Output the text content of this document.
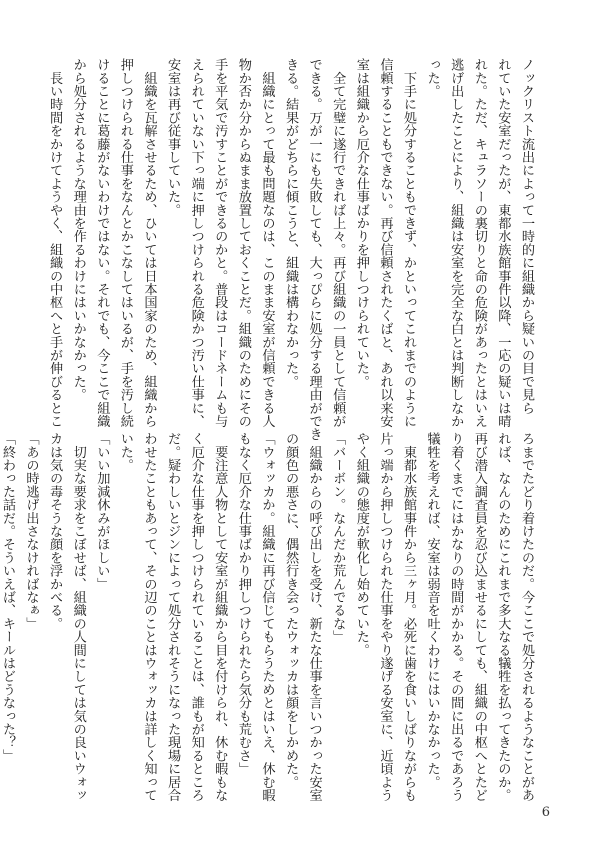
ノックリスト流出によって一時的に組織から疑いの目で見ら
れていた安室だったが、東都水族館事件以降、一応の疑いは晴
れた。ただ、キュラソーの裏切りと命の危険があったとはいえ
逃げ出したことにより、組織は安室を完全な白とは判断しなか
った。
　下手に処分することもできず、かといってこれまでのように
信頼することもできない。再び信頼されたくばと、あれ以来安
室は組織から厄介な仕事ばかりを押しつけられていた。
　全て完璧に遂行できれば上々。再び組織の一員として信頼が
できる。万が一にも失敗しても、大っぴらに処分する理由ができ
きる。結果がどちらに傾こうと、組織は構わなかった。
　組織にとって最も問題なのは、このまま安室が信頼できる人
物か否か分からぬまま放置しておくことだ。組織のためにその
手を平気で汚すことができるのかと。普段はコードネームも与
えられていない下っ端に押しつけられる危険かつ汚い仕事に、
安室は再び従事していた。
　組織を瓦解させるため、ひいては日本国家のため、組織から
押しつけられる仕事をなんとかこなしてはいるが、手を汚し続
けることに葛藤がないわけではない。それでも、今ここで組織
から処分されるような理由を作るわけにはいかなかった。
　長い時間をかけてようやく、組織の中枢へと手が伸びるとこ
ろまでたどり着けたのだ。今ここで処分されるようなことがあ
れば、なんのためにこれまで多大なる犠牲を払ってきたのか。
再び潜入調査員を忍び込ませるにしても、組織の中枢へとたど
り着くまでにはかなりの時間がかかる。その間に出るであろう
犠牲を考えれば、安室は弱音を吐くわけにはいかなかった。
　東都水族館事件から三ヶ月。必死に歯を食いしばりながらも
片っ端から押しつけられた仕事をやり遂げる安室に、近頃よう
やく組織の態度が軟化し始めていた。
「バーボン。なんだか荒んでるな」
　組織からの呼び出しを受け、新たな仕事を言いつかった安室
の顔色の悪さに、偶然行き会ったウォッカは顔をしかめた。
「ウォッカか。組織に再び信じてもらうためとはいえ、休む暇
もなく厄介な仕事ばかり押しつけられたら気分も荒むさ」
　要注意人物として安室が組織から目を付けられ、休む暇もな
く厄介な仕事を押しつけられていることは、誰もが知るところ
だ。疑わしいとジンによって処分されそうになった現場に居合
わせたこともあって、その辺のことはウォッカは詳しく知って
いた。
「いい加減休みがほしい」
　切実な要求をこぼせば、組織の人間にしては気の良いウォッ
カは気の毒そうな顔を浮かべる。
「あの時逃げ出さなければなぁ」
「終わった話だ。そういえば、キールはどうなった？」
6
